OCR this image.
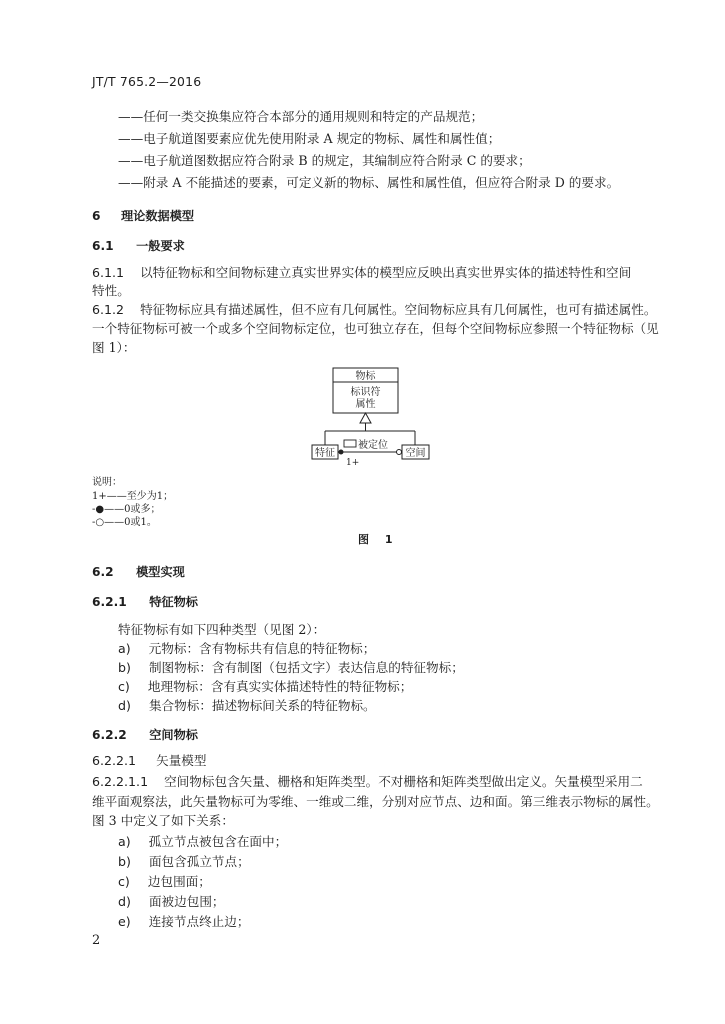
JT/T 765.2—2016
——任何一类交换集应符合本部分的通用规则和特定的产品规范；
——电子航道图要素应优先使用附录 A 规定的物标、属性和属性值；
——电子航道图数据应符合附录 B 的规定，其编制应符合附录 C 的要求；
——附录 A 不能描述的要素，可定义新的物标、属性和属性值，但应符合附录 D 的要求。
6 理论数据模型
6.1 一般要求
6.1.1 以特征物标和空间物标建立真实世界实体的模型应反映出真实世界实体的描述特性和空间
特性。
6.1.2 特征物标应具有描述属性，但不应有几何属性。空间物标应具有几何属性，也可有描述属性。
一个特征物标可被一个或多个空间物标定位，也可独立存在，但每个空间物标应参照一个特征物标（见
图 1）：
物标
标识符
属性
特征	空间
被定位
1+
说明：
1+——至少为1；
-●——0或多；
-○——0或1。
图 1
6.2 模型实现
6.2.1 特征物标
特征物标有如下四种类型（见图 2）：
a) 元物标：含有物标共有信息的特征物标；
b) 制图物标：含有制图（包括文字）表达信息的特征物标；
c) 地理物标：含有真实实体描述特性的特征物标；
d) 集合物标：描述物标间关系的特征物标。
6.2.2 空间物标
6.2.2.1 矢量模型
6.2.2.1.1 空间物标包含矢量、栅格和矩阵类型。不对栅格和矩阵类型做出定义。矢量模型采用二
维平面观察法，此矢量物标可为零维、一维或二维，分别对应节点、边和面。第三维表示物标的属性。
图 3 中定义了如下关系：
a) 孤立节点被包含在面中；
b) 面包含孤立节点；
c) 边包围面；
d) 面被边包围；
e) 连接节点终止边；
2
